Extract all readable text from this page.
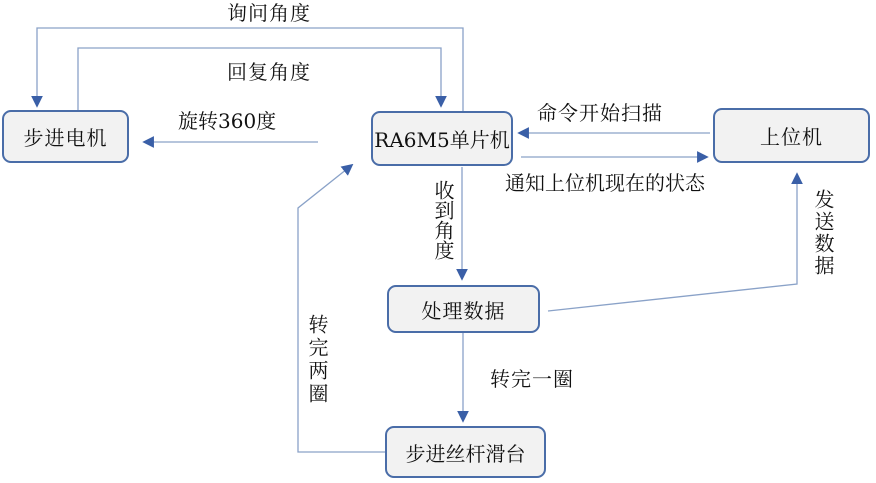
步进电机	RA6M5单片机	上位机
处理数据
步进丝杆滑台
询问角度
回复角度
旋转360度	命令开始扫描
通知上位机现在的状态
收到角度	发送数据
转完一圈
转完两圈
